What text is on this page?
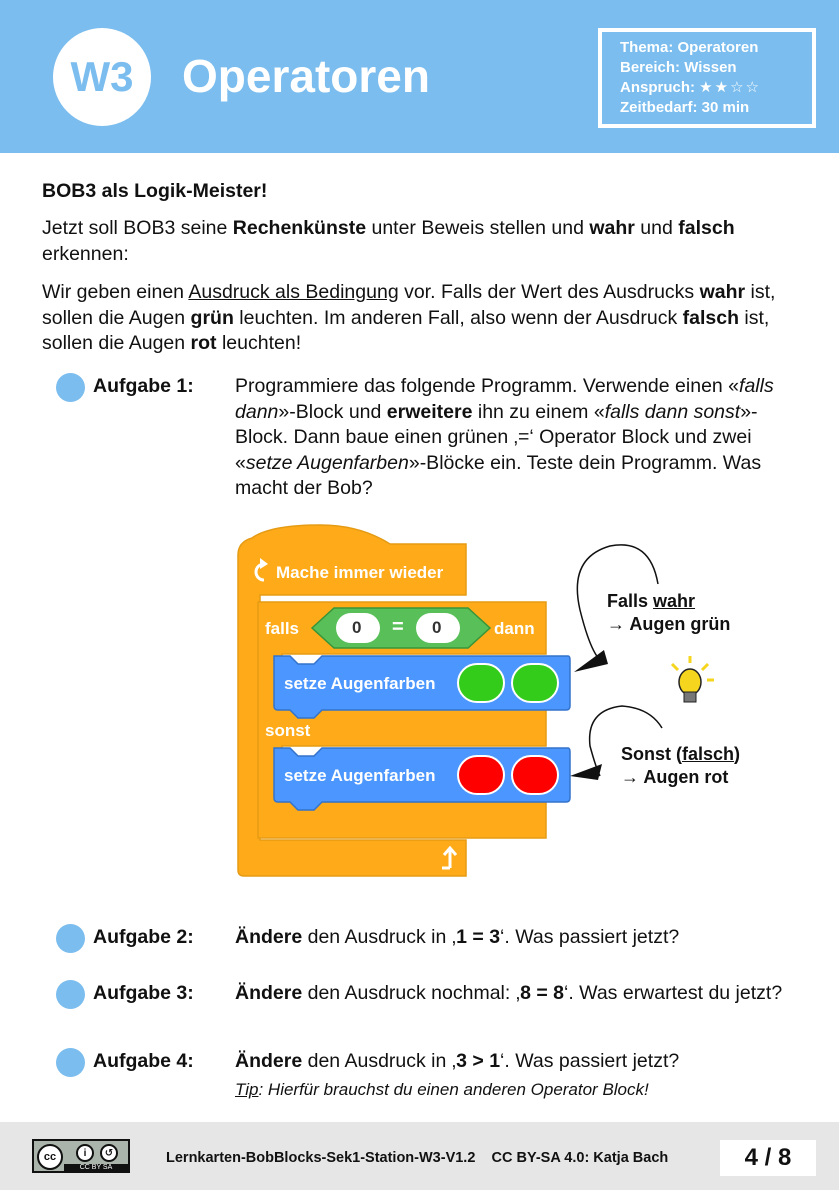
W3	Operatoren
Thema: Operatoren
Bereich: Wissen
Anspruch: ★★☆☆
Zeitbedarf: 30 min
BOB3 als Logik-Meister!
Jetzt soll BOB3 seine Rechenkünste unter Beweis stellen und wahr und falsch erkennen:
Wir geben einen Ausdruck als Bedingung vor. Falls der Wert des Ausdrucks wahr ist, sollen die Augen grün leuchten. Im anderen Fall, also wenn der Ausdruck falsch ist, sollen die Augen rot leuchten!
Aufgabe 1: Programmiere das folgende Programm. Verwende einen «falls dann»-Block und erweitere ihn zu einem «falls dann sonst»-Block. Dann baue einen grünen ‚=‘ Operator Block und zwei «setze Augenfarben»-Blöcke ein. Teste dein Programm. Was macht der Bob?
Mache immer wieder
falls	dann
sonst
0 = 0
setze Augenfarben
setze Augenfarben
Falls wahr
→ Augen grün
Sonst (falsch)
→ Augen rot
Aufgabe 2: Ändere den Ausdruck in ‚1 = 3‘. Was passiert jetzt?
Aufgabe 3: Ändere den Ausdruck nochmal: ‚8 = 8‘. Was erwartest du jetzt?
Aufgabe 4: Ändere den Ausdruck in ‚3 > 1‘. Was passiert jetzt?
Tip: Hierfür brauchst du einen anderen Operator Block!
cc	i	↺
CC BY SA
Lernkarten-BobBlocks-Sek1-Station-W3-V1.2    CC BY-SA 4.0: Katja Bach	4 / 8
